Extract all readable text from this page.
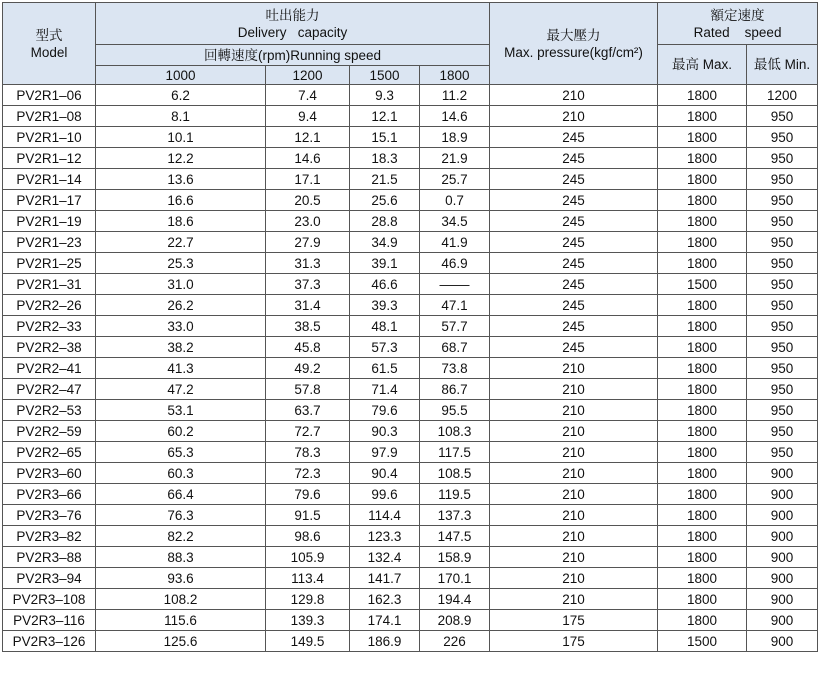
型式
Model	吐出能力
Delivery   capacity				最大壓力
Max. pressure(kgf/cm²)	額定速度
Rated    speed	

	回轉速度(rpm)Running speed					最高 Max.	最低 Min.
	1000	1200	1500	1800			
PV2R1–06	6.2	7.4	9.3	11.2	210	1800	1200
PV2R1–08	8.1	9.4	12.1	14.6	210	1800	950
PV2R1–10	10.1	12.1	15.1	18.9	245	1800	950
PV2R1–12	12.2	14.6	18.3	21.9	245	1800	950
PV2R1–14	13.6	17.1	21.5	25.7	245	1800	950
PV2R1–17	16.6	20.5	25.6	0.7	245	1800	950
PV2R1–19	18.6	23.0	28.8	34.5	245	1800	950
PV2R1–23	22.7	27.9	34.9	41.9	245	1800	950
PV2R1–25	25.3	31.3	39.1	46.9	245	1800	950
PV2R1–31	31.0	37.3	46.6	––––	245	1500	950
PV2R2–26	26.2	31.4	39.3	47.1	245	1800	950
PV2R2–33	33.0	38.5	48.1	57.7	245	1800	950
PV2R2–38	38.2	45.8	57.3	68.7	245	1800	950
PV2R2–41	41.3	49.2	61.5	73.8	210	1800	950
PV2R2–47	47.2	57.8	71.4	86.7	210	1800	950
PV2R2–53	53.1	63.7	79.6	95.5	210	1800	950
PV2R2–59	60.2	72.7	90.3	108.3	210	1800	950
PV2R2–65	65.3	78.3	97.9	117.5	210	1800	950
PV2R3–60	60.3	72.3	90.4	108.5	210	1800	900
PV2R3–66	66.4	79.6	99.6	119.5	210	1800	900
PV2R3–76	76.3	91.5	114.4	137.3	210	1800	900
PV2R3–82	82.2	98.6	123.3	147.5	210	1800	900
PV2R3–88	88.3	105.9	132.4	158.9	210	1800	900
PV2R3–94	93.6	113.4	141.7	170.1	210	1800	900
PV2R3–108	108.2	129.8	162.3	194.4	210	1800	900
PV2R3–116	115.6	139.3	174.1	208.9	175	1800	900
PV2R3–126	125.6	149.5	186.9	226	175	1500	900
